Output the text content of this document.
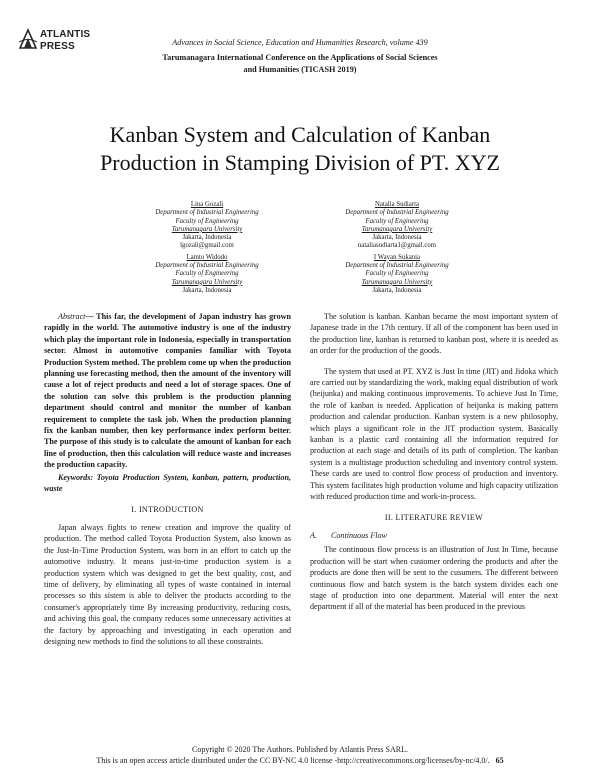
ATLANTIS
PRESS	Advances in Social Science, Education and Humanities Research, volume 439
Tarumanagara International Conference on the Applications of Social Sciences
and Humanities (TICASH 2019)
Kanban System and Calculation of Kanban
Production in Stamping Division of PT. XYZ
Lina Gozali
Department of Industrial Engineering
Faculty of Engineering
Tarumanagara University
Jakarta, Indonesia
lgozali@gmail.com
Lamto Widodo
Department of Industrial Engineering
Faculty of Engineering
Tarumanagara University
Jakarta, Indonesia
Natalia Sudiarta
Department of Industrial Engineering
Faculty of Engineering
Tarumanagara University
Jakarta, Indonesia
nataliasudiarta1@gmail.com
I Wayan Sukania
Department of Industrial Engineering
Faculty of Engineering
Tarumanagara University
Jakarta, Indonesia

Abstract— This far, the development of Japan industry has grown rapidly in the world. The automotive industry is one of the industry which play the important role in Indonesia, especially in transportation sector. Almost in automotive companies familiar with Toyota Production System method. The problem come up when the production planning use forecasting method, then the amount of the inventory will cause a lot of reject products and need a lot of storage spaces. One of the solution can solve this problem is the production planning department should control and monitor the number of kanban requirement to complete the task job. When the production planning fix the kanban number, then key performance index perform better. The purpose of this study is to calculate the amount of kanban for each line of production, then this calculation will reduce waste and increases the production capacity.

Keywords: Toyota Production System, kanban, pattern, production, waste

I. INTRODUCTION

Japan always fights to renew creation and improve the quality of production. The method called Toyota Production System, also known as the Just-In-Time Production System, was born in an effort to catch up the automotive industry. It means just-in-time production system is a production system which was designed to get the best quality, cost, and time of delivery, by eliminating all types of waste contained in internal processes so this sistem is able to deliver the products according to the consumer's appropriately time By increasing productivity, reducing costs, and achiving this goal, the company reduces some unnecessary activities at the factory by approaching and investigating in each operation and designing new methods to find the solutions to all these constraints.

The solution is kanban. Kanban became the most important system of Japanese trade in the 17th century. If all of the component has been used in the production line, kanban is returned to kanban post, where it is needed as an order for the production of the goods.

The system that used at PT. XYZ is Just In time (JIT) and Jidoka which are carried out by standardizing the work, making equal distribution of work (heijunka) and making continuous improvements. To achieve Just In Time, the role of kanban is needed. Application of heijunka is making pattern production and calendar production. Kanban system is a new philosophy, which plays a significant role in the JIT production system. Basically kanban is a plastic card containing all the information required for production at each stage and details of its path of completion. The kanban system is a multistage production scheduling and inventory control system. These cards are used to control flow process of production and inventory. This system facilitates high production volume and high capacity utilization with reduced production time and work-in-process.

II. LITERATURE REVIEW

A. Continuous Flow

The continuous flow process is an illustration of Just In Time, because production will be start when customer ordering the products and after the products are done then will be sent to the cusumers. The different between continuous flow and batch system is the batch system divides each one stage of production into one department. Material will enter the next department if all of the material has been produced in the previous

Copyright © 2020 The Authors. Published by Atlantis Press SARL.
This is an open access article distributed under the CC BY-NC 4.0 license -http://creativecommons.org/licenses/by-nc/4.0/. 65
